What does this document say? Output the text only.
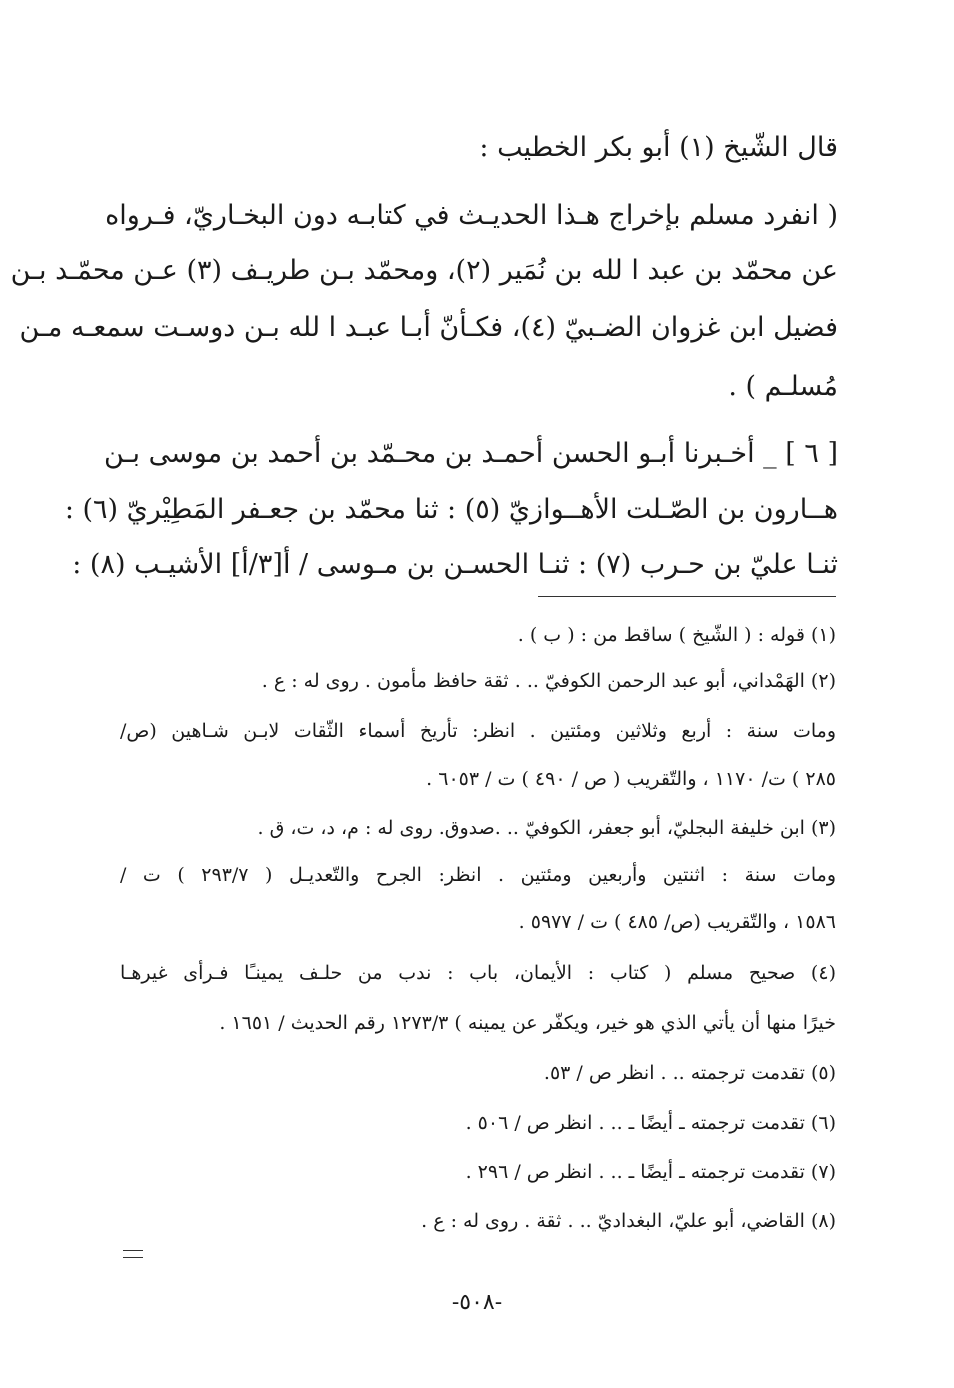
قال الشّيخ (١) أبو بكر الخطيب :
( انفرد مسلم بإخراج هـذا الحديـث في كتابـه دون البخـاريّ، فـرواه
عن محمّد بن عبد ا لله بن نُمَير (٢)، ومحمّد بـن طريـف (٣) عـن محمّـد بـن
فضيل ابن غزوان الضـبيّ (٤)، فكـأنّ أبـا عبـد ا لله بـن دوسـت سمعـه مـن
مُسلـم ) .
[ ٦ ] _ أخـبرنا أبـو الحسن أحمـد بن محـمّد بن أحمد بن موسى بـن
هــارون بن الصّـلت الأهــوازيّ (٥) : ثنا محمّد بن جعـفر المَطِيْريّ (٦) :
ثنـا عليّ بن حـرب (٧) : ثنـا الحسـن بن مـوسى / أ[٣/أ] الأشيـب (٨) :
(١) قوله : ( الشّيخ ) ساقط من : ( ب ) .
(٢) الهَمْداني، أبو عبد الرحمن الكوفيّ .. . ثقة حافظ مأمون . روى له : ع .
ومات سنة : أربع وثلاثين ومئتين . انظر: تأريخ أسماء الثّقات لابـن شـاهين (ص/
٢٨٥ ) ت/ ١١٧٠ ، والتّقريب ( ص / ٤٩٠ ) ت / ٦٠٥٣ .
(٣) ابن خليفة البجليّ، أبو جعفر، الكوفيّ .. .صدوق. روى له : م، د، ت، ق .
ومات سنة : اثنتين وأربعين ومئتين . انظر: الجرح والتّعديـل ( ٢٩٣/٧ ) ت /
١٥٨٦ ، والتّقريب (ص/ ٤٨٥ ) ت / ٥٩٧٧ .
(٤) صحيح مسلم ( كتاب : الأيمان، باب : ندب من حلـف يمينـًا فـرأى غيرهـا
خيرًا منها أن يأتي الذي هو خير، ويكفّر عن يمينه ) ١٢٧٣/٣ رقم الحديث / ١٦٥١ .
(٥) تقدمت ترجمته .. . انظر ص / ٥٣.
(٦) تقدمت ترجمته ـ أيضًا ـ .. . انظر ص / ٥٠٦ .
(٧) تقدمت ترجمته ـ أيضًا ـ .. . انظر ص / ٢٩٦ .
(٨) القاضي، أبو عليّ، البغداديّ .. . ثقة . روى له : ع .
-٥٠٨-
